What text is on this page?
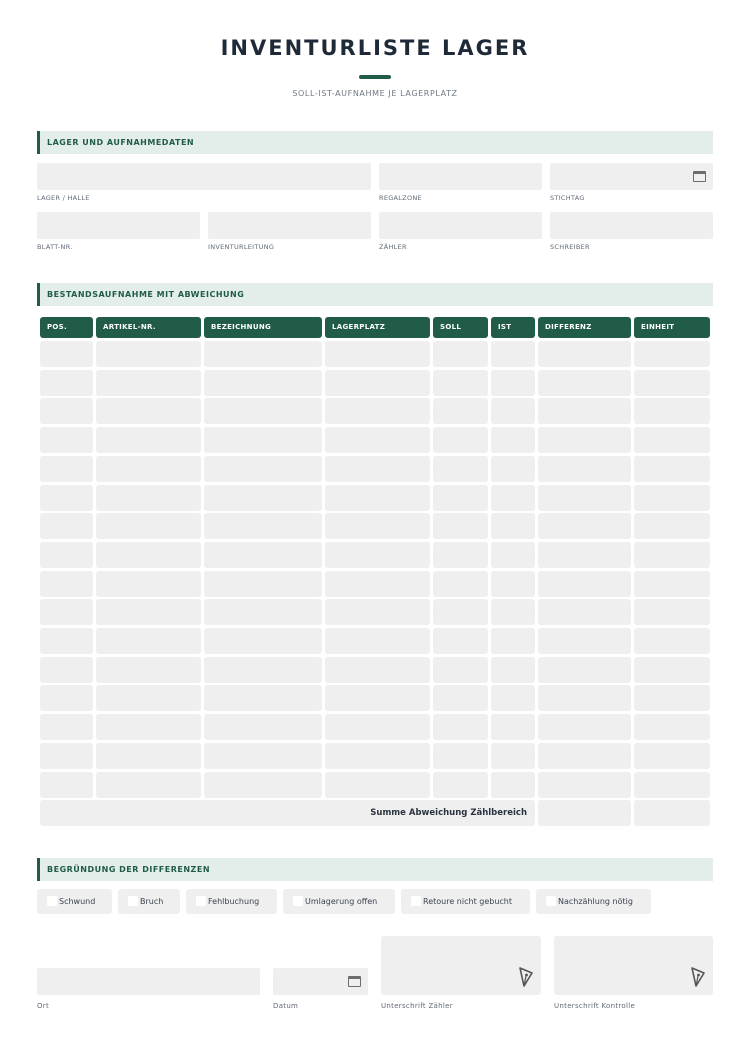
INVENTURLISTE LAGER
SOLL-IST-AUFNAHME JE LAGERPLATZ
LAGER UND AUFNAHMEDATEN
LAGER / HALLE	REGALZONE	STICHTAG
BLATT-NR.	INVENTURLEITUNG	ZÄHLER	SCHREIBER
BESTANDSAUFNAHME MIT ABWEICHUNG
POS.	ARTIKEL-NR.	BEZEICHNUNG	LAGERPLATZ	SOLL	IST	DIFFERENZ	EINHEIT
Summe Abweichung Zählbereich
BEGRÜNDUNG DER DIFFERENZEN
Schwund	Bruch	Fehlbuchung	Umlagerung offen	Retoure nicht gebucht	Nachzählung nötig
Ort	Datum	Unterschrift Zähler	Unterschrift Kontrolle
